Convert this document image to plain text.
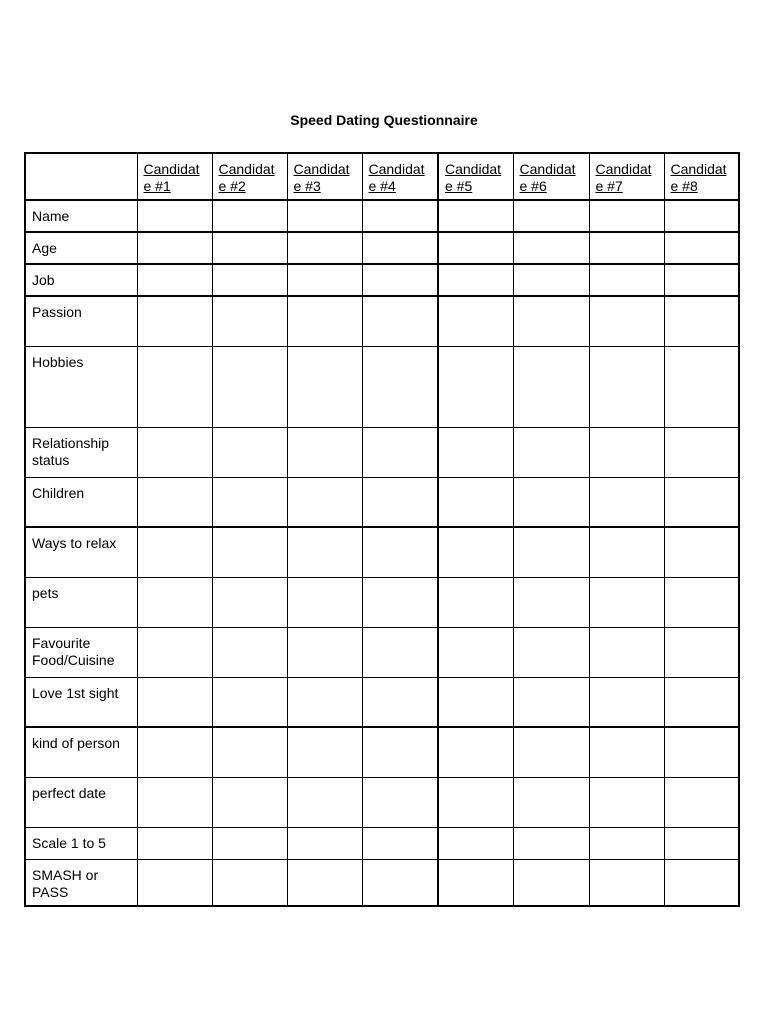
Speed Dating Questionnaire

	Candidat e #1	Candidate #2	Candidate #3	Candidate #4	Candidate #5	Candidat e #6	Candidate #7	Candidate #8

Name								

Age								

Job								

Passion								

Hobbies								

Relationship status								

Children								

Ways to relax								

pets								

Favourite Food/Cuisine								

Love 1st sight								

kind of person								

perfect date								

Scale 1 to 5								

SMASH or PASS								
